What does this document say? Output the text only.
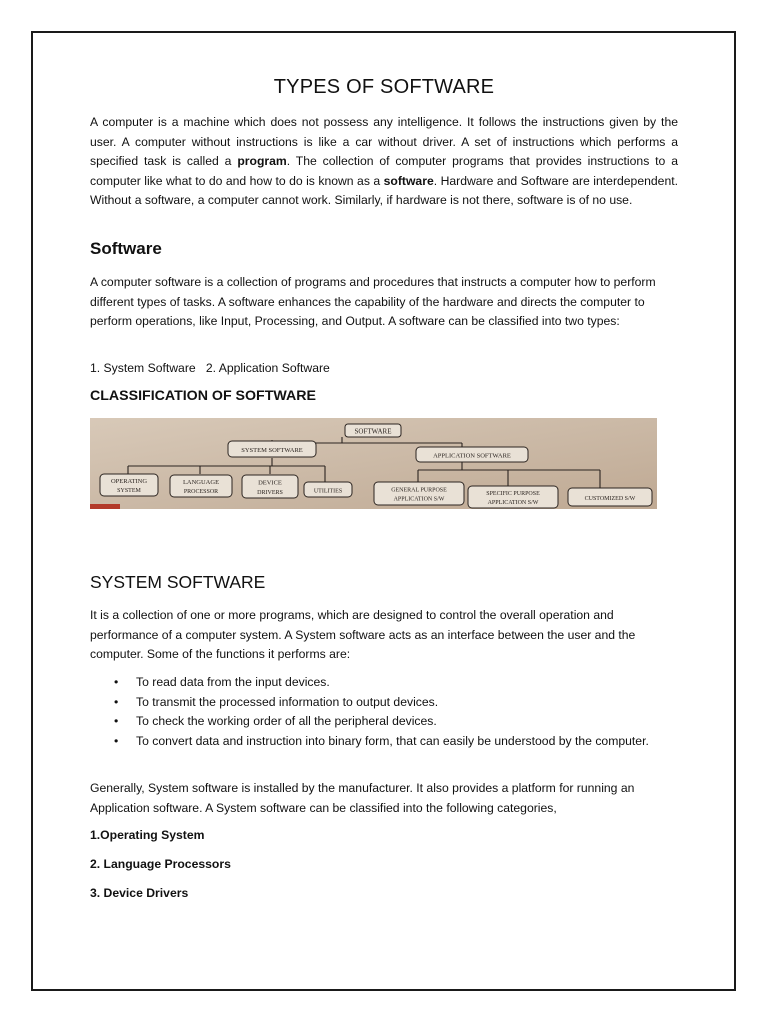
TYPES OF SOFTWARE

A computer is a machine which does not possess any intelligence. It follows the instructions given by the user. A computer without instructions is like a car without driver. A set of instructions which performs a specified task is called a program. The collection of computer programs that provides instructions to a computer like what to do and how to do is known as a software. Hardware and Software are interdependent. Without a software, a computer cannot work. Similarly, if hardware is not there, software is of no use.

Software

A computer software is a collection of programs and procedures that instructs a computer how to perform different types of tasks. A software enhances the capability of the hardware and directs the computer to perform operations, like Input, Processing, and Output. A software can be classified into two types:

1. System Software   2. Application Software

CLASSIFICATION OF SOFTWARE
SYSTEM SOFTWARE

It is a collection of one or more programs, which are designed to control the overall operation and performance of a computer system. A System software acts as an interface between the user and the computer. Some of the functions it performs are:

• To read data from the input devices.
• To transmit the processed information to output devices.
• To check the working order of all the peripheral devices.
• To convert data and instruction into binary form, that can easily be understood by the computer.

Generally, System software is installed by the manufacturer. It also provides a platform for running an Application software. A System software can be classified into the following categories,

1.Operating System

2. Language Processors

3. Device Drivers

SOFTWARE
SYSTEM SOFTWARE
APPLICATION SOFTWARE
OPERATING
SYSTEM
LANGUAGE
PROCESSOR
DEVICE
DRIVERS	UTILITIES	GENERAL PURPOSE
APPLICATION S/W
SPECIFIC PURPOSE
APPLICATION S/W
CUSTOMIZED S/W
